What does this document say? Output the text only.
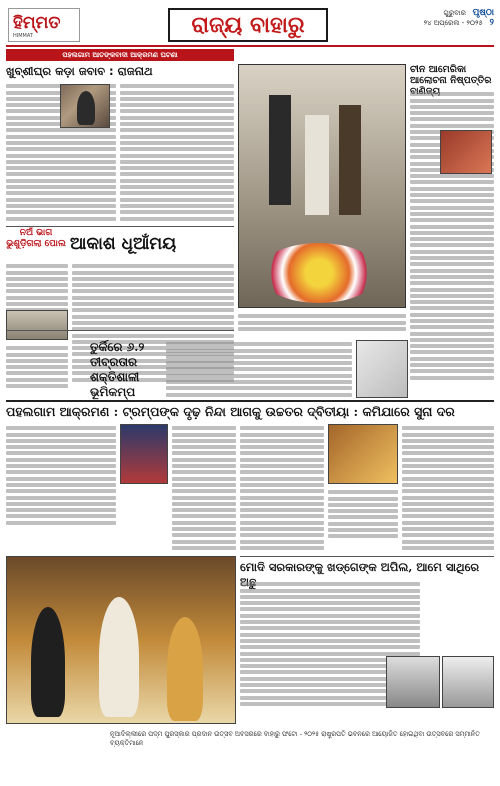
ହିମ୍ମତ
HIMMAT	ରାଜ୍ୟ ବାହାରୁ	ଗୁରୁବାର ପୃଷ୍ଠା
୨୪ ଅପ୍ରେଲ - ୨୦୨୫ ୨
ପହଲଗାମ ଆତଙ୍କବାଦୀ ଆକ୍ରମଣ ଘଟଣା
ଖୁବ୍‌ଶୀଘ୍ର କଡ଼ା ଜବାବ : ରାଜନାଥ
ନଅଁ ଭାଗ ଭୁଶୁଡ଼ିଗଲା ପୋଲ ଆକାଶ ଧୂଆଁମୟ
ଚୀନ ଆମେରିକା ଆଲୋଚନା ନିଷ୍ପତ୍ତିର
ତୁର୍କିରେ ୬.୨ ତୀବ୍ରତାର ଶକ୍ତିଶାଳୀ ଭୂମିକମ୍ପ
ପହଲଗାମ ଆକ୍ରମଣ : ଟ୍ରମ୍ପଙ୍କ ଦୃଢ଼ ନିନ୍ଦା ଆଗକୁ ଉଚ୍ଚତର ଦ୍ବିତୀୟା : କମିଯାରେ ସୁନା ଦର
ମୋଦି ସରକାରଙ୍କୁ ଖଡ୍‌ଗେଙ୍କ ଅପିଲ, ଆମେ ସାଥିରେ
ନୂଆଦିଲ୍ଲୀରେ ପଦ୍ମ ପୁରସ୍କାର ପ୍ରଦାନ ଉତ୍ସବ ଅବସରରେ ବାହାରୁ ଫଟୋ - ୨୦୨୫ ରାଷ୍ଟ୍ରପତି ଭବନରେ ଆୟୋଜିତ ହୋଇଥିବା ଉତ୍ସବରେ ସମ୍ମାନିତ ବ୍ୟକ୍ତିମାନେ
